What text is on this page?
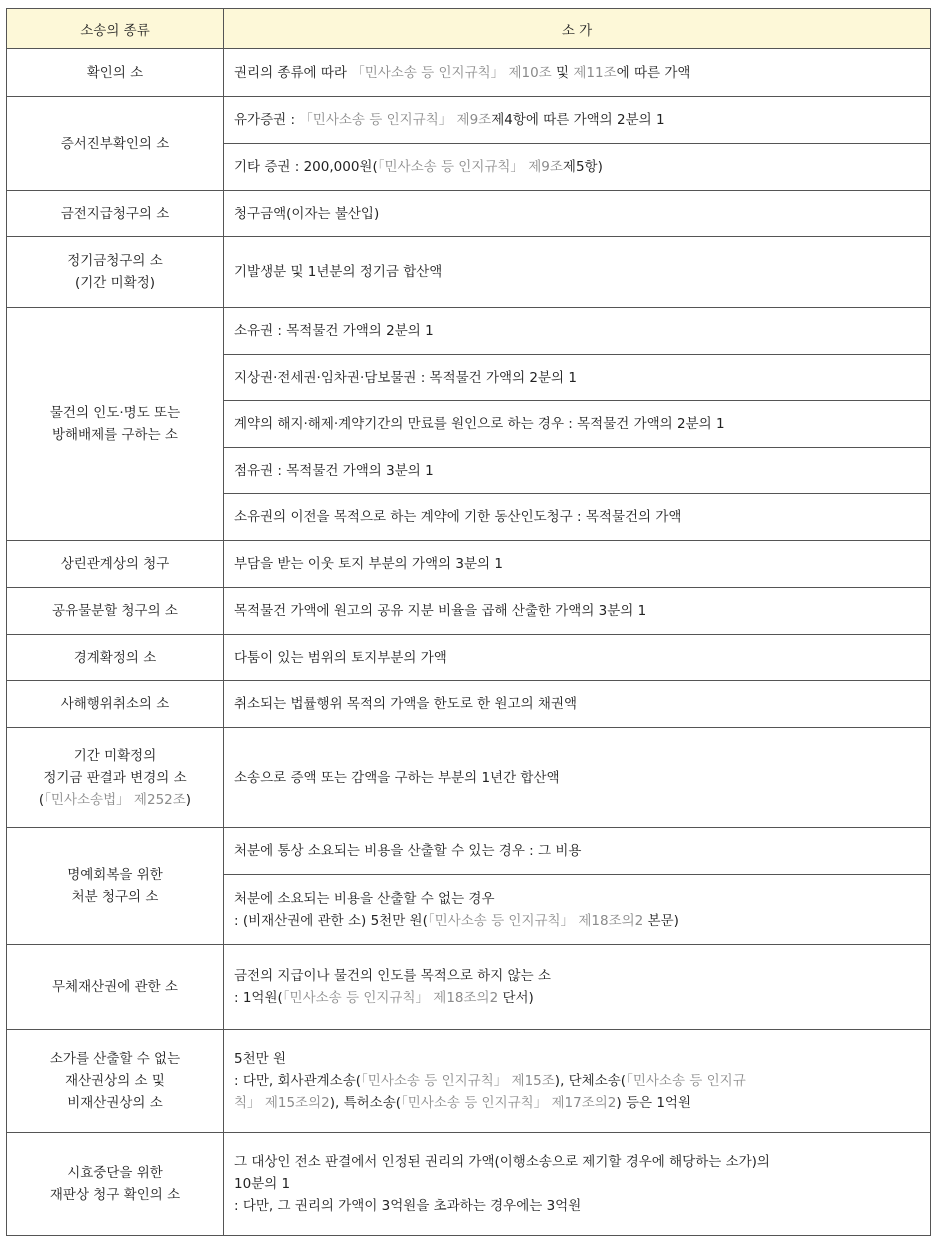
소송의 종류	소 가

확인의 소	권리의 종류에 따라 「민사소송 등 인지규칙」 제10조 및 제11조에 따른 가액

증서진부확인의 소	유가증권 : 「민사소송 등 인지규칙」 제9조제4항에 따른 가액의 2분의 1

	기타 증권 : 200,000원(「민사소송 등 인지규칙」 제9조제5항)

금전지급청구의 소	청구금액(이자는 불산입)

정기금청구의 소
(기간 미확정)	기발생분 및 1년분의 정기금 합산액

물건의 인도·명도 또는
방해배제를 구하는 소	소유권 : 목적물건 가액의 2분의 1

	지상권·전세권·임차권·담보물권 : 목적물건 가액의 2분의 1

	계약의 해지·해제·계약기간의 만료를 원인으로 하는 경우 : 목적물건 가액의 2분의 1

	점유권 : 목적물건 가액의 3분의 1

	소유권의 이전을 목적으로 하는 계약에 기한 동산인도청구 : 목적물건의 가액

상린관계상의 청구	부담을 받는 이웃 토지 부분의 가액의 3분의 1

공유물분할 청구의 소	목적물건 가액에 원고의 공유 지분 비율을 곱해 산출한 가액의 3분의 1

경계확정의 소	다툼이 있는 범위의 토지부분의 가액

사해행위취소의 소	취소되는 법률행위 목적의 가액을 한도로 한 원고의 채권액

기간 미확정의
정기금 판결과 변경의 소
(「민사소송법」 제252조)	소송으로 증액 또는 감액을 구하는 부분의 1년간 합산액

명예회복을 위한
처분 청구의 소	처분에 통상 소요되는 비용을 산출할 수 있는 경우 : 그 비용

	처분에 소요되는 비용을 산출할 수 없는 경우
: (비재산권에 관한 소) 5천만 원(「민사소송 등 인지규칙」 제18조의2 본문)

무체재산권에 관한 소	금전의 지급이나 물건의 인도를 목적으로 하지 않는 소
: 1억원(「민사소송 등 인지규칙」 제18조의2 단서)

소가를 산출할 수 없는
재산권상의 소 및
비재산권상의 소	5천만 원
: 다만, 회사관계소송(「민사소송 등 인지규칙」 제15조), 단체소송(「민사소송 등 인지규
칙」 제15조의2), 특허소송(「민사소송 등 인지규칙」 제17조의2) 등은 1억원

시효중단을 위한
재판상 청구 확인의 소	그 대상인 전소 판결에서 인정된 권리의 가액(이행소송으로 제기할 경우에 해당하는 소가)의
10분의 1
: 다만, 그 권리의 가액이 3억원을 초과하는 경우에는 3억원
